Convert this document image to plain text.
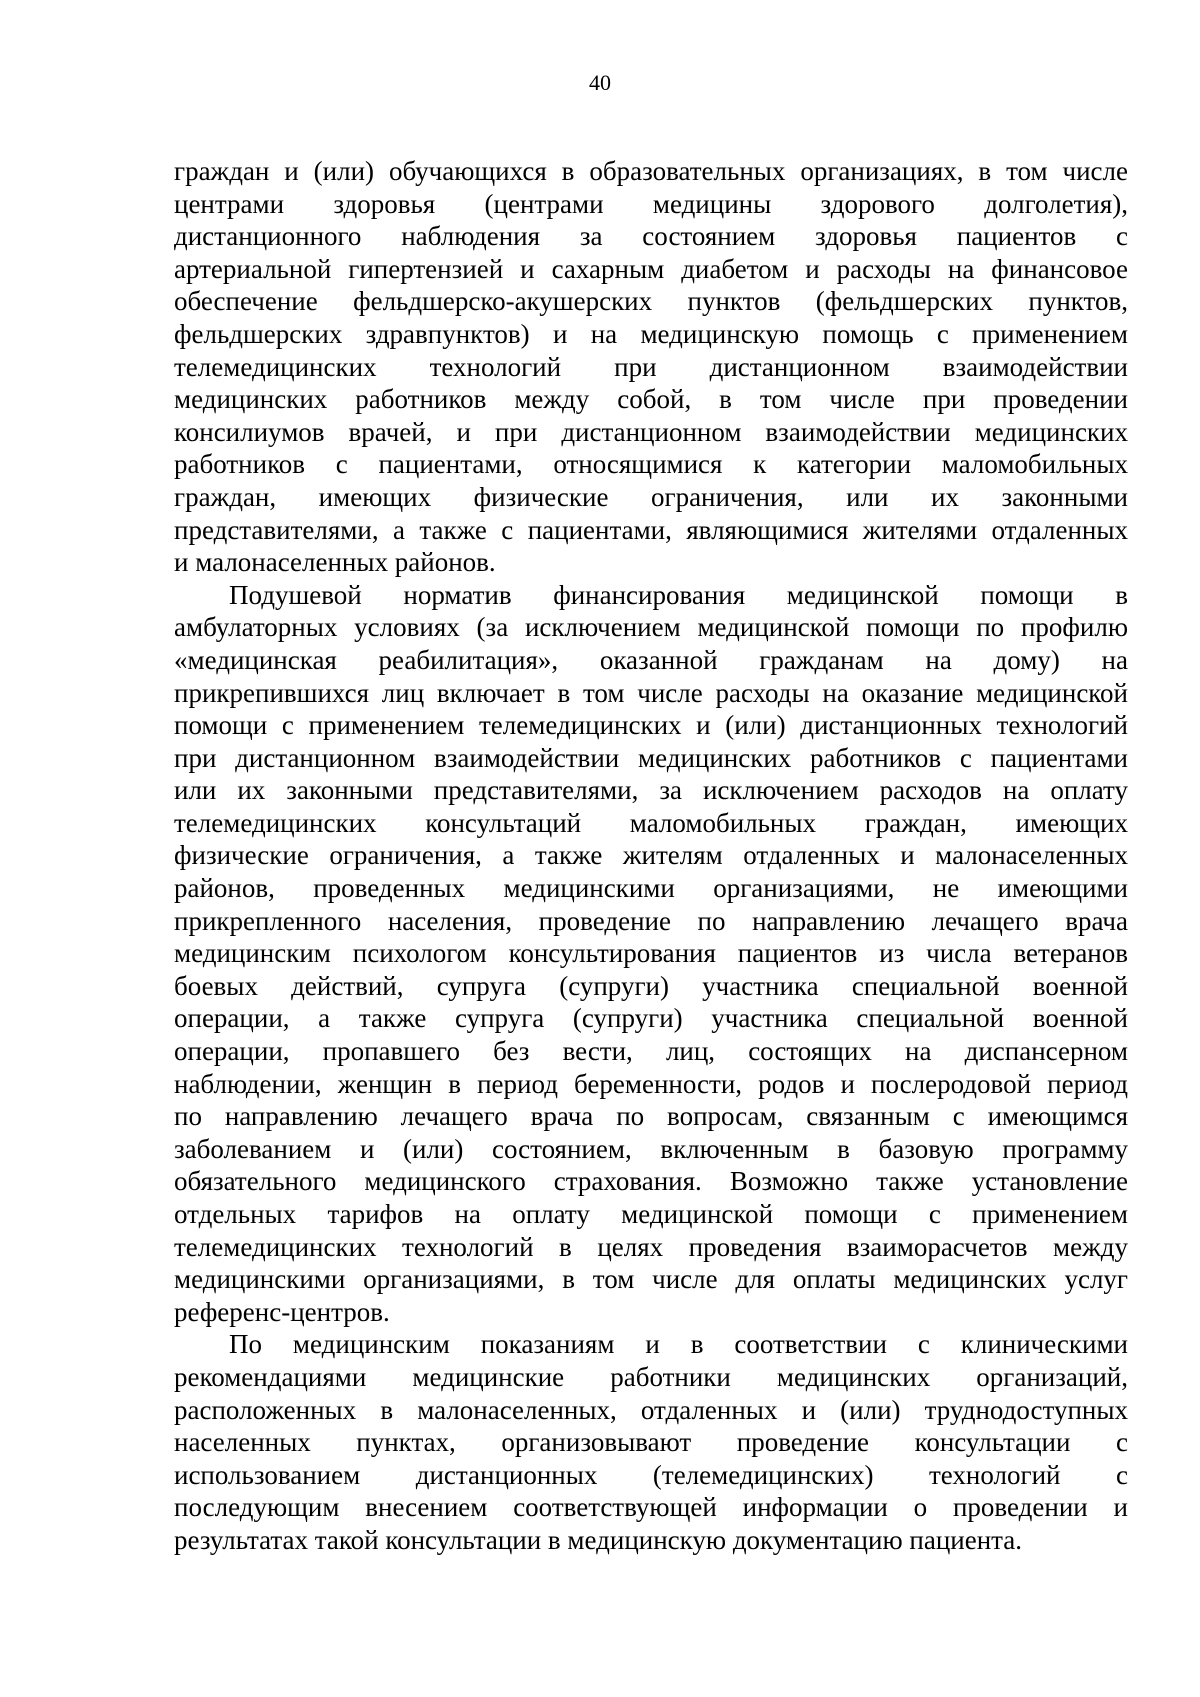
40
граждан и (или) обучающихся в образовательных организациях, в том числе
центрами здоровья (центрами медицины здорового долголетия),
дистанционного наблюдения за состоянием здоровья пациентов с
артериальной гипертензией и сахарным диабетом и расходы на финансовое
обеспечение фельдшерско-акушерских пунктов (фельдшерских пунктов,
фельдшерских здравпунктов) и на медицинскую помощь с применением
телемедицинских технологий при дистанционном взаимодействии
медицинских работников между собой, в том числе при проведении
консилиумов врачей, и при дистанционном взаимодействии медицинских
работников с пациентами, относящимися к категории маломобильных
граждан, имеющих физические ограничения, или их законными
представителями, а также с пациентами, являющимися жителями отдаленных
и малонаселенных районов.
Подушевой норматив финансирования медицинской помощи в
амбулаторных условиях (за исключением медицинской помощи по профилю
«медицинская реабилитация», оказанной гражданам на дому) на
прикрепившихся лиц включает в том числе расходы на оказание медицинской
помощи с применением телемедицинских и (или) дистанционных технологий
при дистанционном взаимодействии медицинских работников с пациентами
или их законными представителями, за исключением расходов на оплату
телемедицинских консультаций маломобильных граждан, имеющих
физические ограничения, а также жителям отдаленных и малонаселенных
районов, проведенных медицинскими организациями, не имеющими
прикрепленного населения, проведение по направлению лечащего врача
медицинским психологом консультирования пациентов из числа ветеранов
боевых действий, супруга (супруги) участника специальной военной
операции, а также супруга (супруги) участника специальной военной
операции, пропавшего без вести, лиц, состоящих на диспансерном
наблюдении, женщин в период беременности, родов и послеродовой период
по направлению лечащего врача по вопросам, связанным с имеющимся
заболеванием и (или) состоянием, включенным в базовую программу
обязательного медицинского страхования. Возможно также установление
отдельных тарифов на оплату медицинской помощи с применением
телемедицинских технологий в целях проведения взаиморасчетов между
медицинскими организациями, в том числе для оплаты медицинских услуг
референс-центров.
По медицинским показаниям и в соответствии с клиническими
рекомендациями медицинские работники медицинских организаций,
расположенных в малонаселенных, отдаленных и (или) труднодоступных
населенных пунктах, организовывают проведение консультации с
использованием дистанционных (телемедицинских) технологий с
последующим внесением соответствующей информации о проведении и
результатах такой консультации в медицинскую документацию пациента.
